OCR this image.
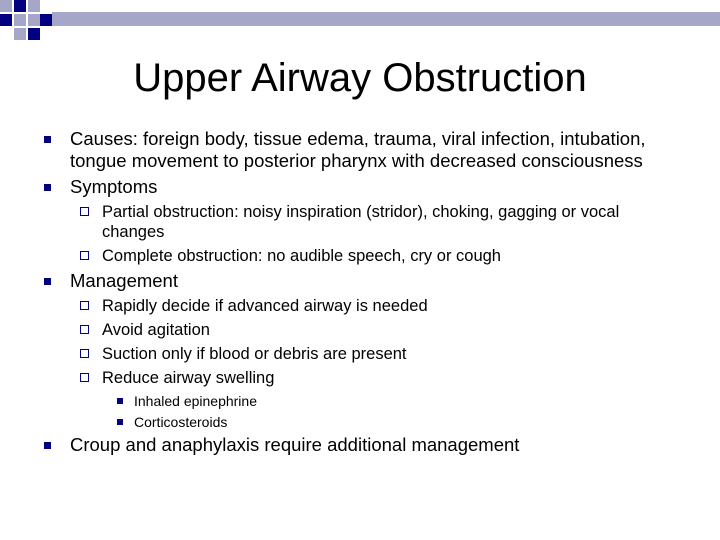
Upper Airway Obstruction
Causes: foreign body, tissue edema, trauma, viral infection, intubation, tongue movement to posterior pharynx with decreased consciousness
Symptoms
Partial obstruction: noisy inspiration (stridor), choking, gagging or vocal changes
Complete obstruction: no audible speech, cry or cough
Management
Rapidly decide if advanced airway is needed
Avoid agitation
Suction only if blood or debris are present
Reduce airway swelling
Inhaled epinephrine
Corticosteroids
Croup and anaphylaxis require additional management
